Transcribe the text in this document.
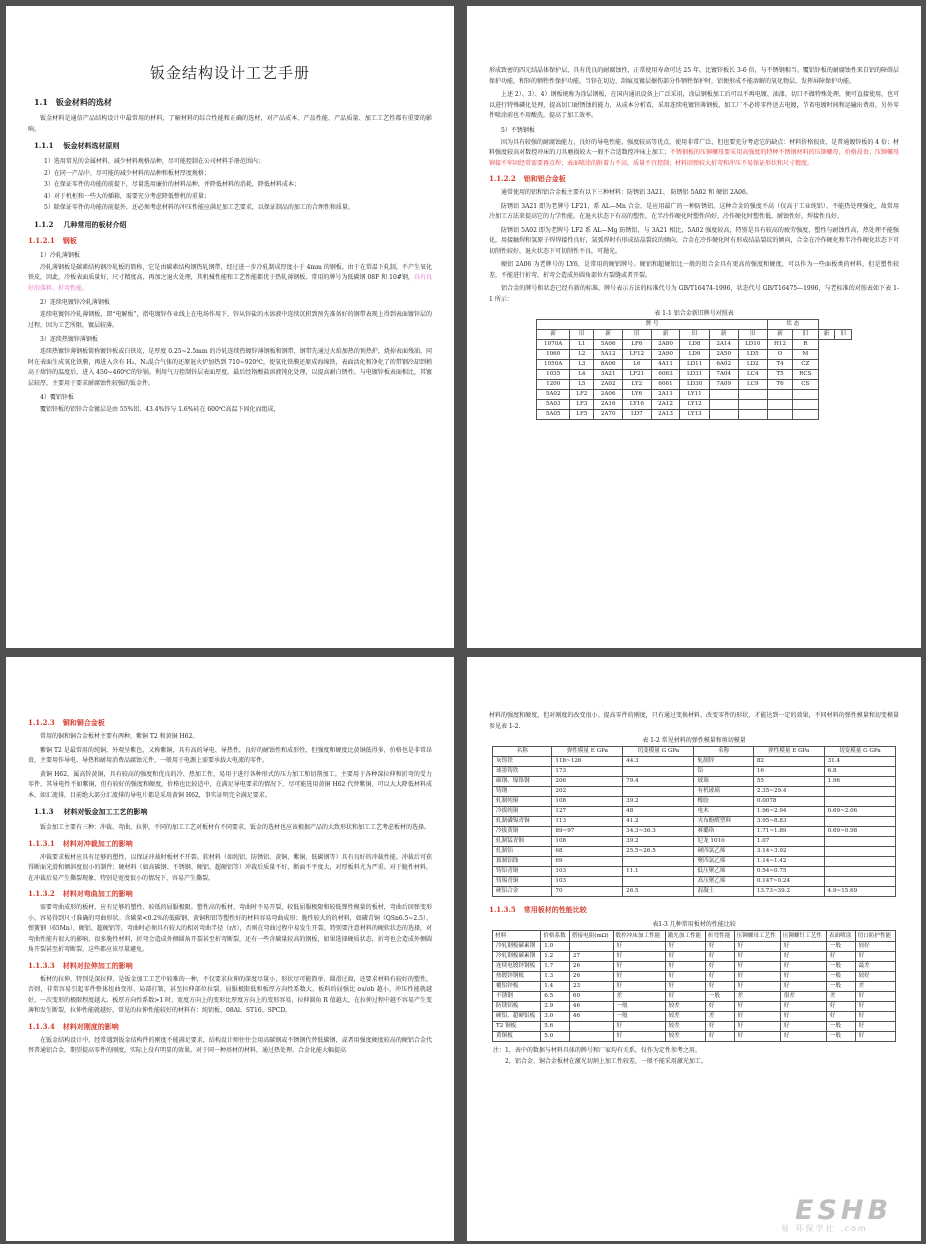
钣金结构设计工艺手册
1.1 钣金材料的选材
钣金材料是通信产品结构设计中最常用的材料，了解材料的综合性能和正确的选材，对产品成本、产品性能、产品质量、加工工艺性都有重要的影响。
1.1.1 钣金材料选材原则
1）选用常见的金属材料，减少材料规格品种，尽可能控制在公司材料手册范围内；
2）在同一产品中，尽可能的减少材料的品种和板材厚度规格；
3）在保证零件的功能的前提下，尽量选用廉价的材料品种，并降低材料的消耗，降低材料成本；
4）对于机柜和一些大的插箱，需要充分考虑降低整机的重量；
5）除保证零件的功能的前提外，还必须考虑材料的冲压性能应满足加工艺要求，以保证制品的加工的合理性和质量。
1.1.2 几种常用的板材介绍
1.1.2.1 钢板
1）冷轧薄钢板
冷轧薄钢板是碳素结构钢冷轧板的简称，它是由碳素结构钢热轧钢带，经过进一步冷轧制成厚度小于 4mm 的钢板。由于在常温下轧制，不产生氧化铁皮，因此，冷板表面质量好，尺寸精度高，再加之退火处理，其机械性能和工艺性能都优于热轧薄钢板。常用的牌号为低碳钢 08F 和 10#钢，具有良好的落料、折弯性能。
2）连续电镀锌冷轧薄钢板
连续电镀锌冷轧薄钢板，即“电解板”，指电镀锌作业线上在电场作用下，锌从锌盐的水溶液中连续沉积到预先准备好的钢带表现上得到表面镀锌层的过程，因为工艺所限，镀层较薄。
3）连续热镀锌薄钢板
连续热镀锌薄钢板简称镀锌板或白铁皮，是厚度 0.25~2.5mm 的冷轧连续热镀锌薄钢板和钢带，钢带先通过火焰加热的预热炉，烧掉表面残油，同时在表面生成氧化铁膜，再进入含有 H₂、N₂混合气体的还原退火炉加热到 710~920℃，使氧化铁膜还原成海绵铁，表面活化和净化了的带钢冷却到稍高于熔锌的温度后，进入 450~460℃的锌锅，利用气刀控制锌层表面厚度。最后经铬酸盐溶液钝化处理，以提高耐白锈性。与电镀锌板表面相比，其镀层较厚，主要用于要求耐腐蚀性较强的钣金件。
4）覆铝锌板
覆铝锌板的铝锌合金镀层是由 55%铝、43.4%锌与 1.6%硅在 600℃高温下固化而组成，
形成致密的四元结晶体保护层，具有优良的耐腐蚀性，正常使用寿命可达 25 年，比镀锌板长 3-6 倍，与不锈钢相当。覆铝锌板的耐腐蚀性来自铝的障碍层保护功能，和锌的牺牲性保护功能。当锌在切边、刮痕及镀层擦伤部分作牺牲保护时，铝便形成不能溶解的氧化物层，发挥屏障保护功能。
上述 2）、3）、4）钢板统称为涂层钢板，在国内通讯设备上广泛采用，涂层钢板加工后可以不再电镀、油漆，切口不做特殊处理，便可直接使用，也可以进行特殊磷化处理，提高切口耐锈蚀的能力，从成本分析看，采用连续电镀锌薄钢板，加工厂不必将零件送去电镀，节省电镀时间和运输出费用，另外零件喷涂前也不用酸洗，提高了加工效率。
5）不锈钢板
因为具有较强的耐腐蚀能力、良好的导电性能、强度较高等优点，使用非常广泛，但也要充分考虑它的缺点：材料价格很贵，是普通镀锌板的 4 倍；材料强度较高对数控冲床的刀具磨损较大一般不合适数控冲床上加工；不锈钢板的压铆螺母要采用高强度的特种不锈钢材料的压铆螺母，价格昂贵；压铆螺母铆接不牢固经常需要再点焊；表面喷涂的附着力不高，质量不宜控制；材料回弹较大折弯和冲压不易保证形状和尺寸精度。
1.1.2.2 铝和铝合金板
通常使用的铝和铝合金板主要有以下三种材料：防锈铝 3A21、 防锈铝 5A02 和 硬铝 2A06。
防锈铝 3A21 即为老牌号 LF21，系 AL—Mn 合金，是应用最广的一种防锈铝。这种合金的强度不高（仅高于工业纯铝），不能热处理强化，故常用冷加工方法来提高它的力学性能，在退火状态下有高的塑性，在半冷作硬化时塑性尚好，冷作硬化时塑性低，耐蚀性好，焊接性良好。
防锈铝 5A02 即为老牌号 LF2 系 AL—Mg 防锈铝，与 3A21 相比，5A02 强度较高，特别是具有较高的疲劳强度，塑性与耐蚀性高，热处理不能强化，用接触焊和氢原子焊焊接性良好，氩弧焊时有形成结晶裂纹的倾向，合金在冷作硬化时有形成结晶裂纹的倾向，合金在冷作硬化和半冷作硬化状态下可切削性较好，退火状态下可切削性不良，可抛光。
硬铝 2A06 为老牌号的 LY6，是常用的硬铝牌号。硬铝和超硬铝比一般的铝合金具有更高的强度和硬度，可以作为一些面板类的材料，但是塑性较差，不能进行折弯，折弯会造成外圆角部位有裂缝或者开裂。
铝合金的牌号和状态已经有新的标准，牌号表示方法的标准代号为 GB/T16474-1996，状态代号 GB/T16475—1996，与老标准的对照表如下表 1-1 所示：
表 1-1 铝合金新旧牌号对照表
牌 号								状 态			
新	旧	新	旧	新	旧	新	旧	新	旧	新	旧
1070A	L1	5A06	LF6	2A80	LD8	2A14	LD10	H12	R		
1060	L2	5A12	LF12	2A90	LD9	2A50	LD5	O	M		
1050A	L3	8A06	L6	4A11	LD11	6A02	LD2	T4	CZ		
1035	L4	3A21	LF21	6063	LD31	7A04	LC4	T5	RCS		
1200	L5	2A02	LY2	6061	LD30	7A09	LC9	T6	CS		
5A02	LF2	2A06	LY6	2A11	LY11						
5A03	LF3	2A16	LY16	2A12	LY12						
5A05	LF5	2A70	LD7	2A13	LY13						
1.1.2.3 铜和铜合金板
常用的铜和铜合金板材主要有两种，紫铜 T2 和黄铜 H62。
紫铜 T2 是最常用的纯铜，外观呈紫色，又称紫铜，具有高的导电、导热性，良好的耐蚀性和成形性，但强度和硬度比黄铜低得多，价格也是非常昂贵，主要用作导电、导热和耐用消费品腐蚀元件，一般用于电源上需要承载大电流的零件。
黄铜 H62，属高锌黄铜，具有较高的强度和优良的冷、热加工性，易用于进行各种形式的压力加工和切削加工。主要用于各种深拉伸和折弯的受力零件，其导电性不如紫铜，但有较好的强度和硬度，价格也比较适中，在满足导电要求的情况下，尽可能选用黄铜 H62 代替紫铜，可以大大降低材料成本，如汇流排，目前绝大部分汇流排的导电片都是采用黄铜 H62，事实证明完全满足要求。
1.1.3 材料对钣金加工工艺的影响
钣金加工主要有三种：冲裁、弯曲、拉伸，不同的加工工艺对板材有不同要求，钣金的选材也应该根据产品的大致形状和加工工艺考虑板材的选择。
1.1.3.1 材料对冲裁加工的影响
冲裁要求板材应具有足够的塑性，以保证冲裁时板材不开裂。软材料（如纯铝、防锈铝、黄铜、紫铜、低碳钢等）具有良好的冲裁性能，冲裁后可获得断面光滑和倾斜度很小的制件；硬材料（如高碳钢、不锈钢、硬铝、超硬铝等）冲裁后质量不好，断面不平度大，对厚板料尤为严重。对于脆性材料，在冲裁后易产生撕裂现象，特别是宽度很小的情况下，容易产生撕裂。
1.1.3.2 材料对弯曲加工的影响
需要弯曲成形的板材，应有足够的塑性、较低的屈服极限。塑性高的板材，弯曲时不易开裂，较低屈服极限和较低弹性模量的板材，弯曲后回弹变形小，容易得到尺寸准确的弯曲形状。含碳量<0.2%的低碳钢、黄铜和铝等塑性好的材料容易弯曲成形；脆性较大的的材料，如磷青铜（QSn6.5~2.5）、弹簧钢（65Mn）、硬铝、超硬铝等，弯曲时必须具有较大的相对弯曲半径（r/t），否则在弯曲过程中易发生开裂。特别要注意材料的硬软状态的选择，对弯曲性能有很大的影响，很多脆性材料，折弯会造成外侧圆角开裂甚至折弯断裂，还有一些含碳量较高的钢板，如果选择硬质状态，折弯也会造成外侧圆角开裂甚至折弯断裂，这些都应该尽量避免。
1.1.3.3 材料对拉伸加工的影响
板材的拉伸，特别是深拉伸，是钣金加工工艺中较难的一种，不仅要求拉伸的深度尽量小，形状尽可能简单、圆滑过渡，还要求材料有较好的塑性，否则，非常容易引起零件整体扭曲变形、局部打皱，甚至拉伸部位拉裂。屈服极限低和板厚方向性系数大，板料的屈强比 σs/σb 越小，冲压性能就越好，一次变形的极限程度越大。板厚方向性系数>1 时，宽度方向上的变形比厚度方向上的变形容易，拉伸圆角 R 值越大，在拉伸过程中越不容易产生变薄和发生断裂，拉伸性能就越好。常见的拉伸性能较好的材料有：纯铝板、08Al、ST16、SPCD。
1.1.3.4 材料对刚度的影响
在钣金结构设计中，经常遇到钣金结构件的刚度不能满足要求，结构设计师往往会用高碳钢或不锈钢代替低碳钢，或者用强度硬度较高的硬铝合金代替普通铝合金，期望提高零件的刚度，实际上没有明显的效果。对于同一种基材的材料，通过热处理、合金化能大幅提高
材料的强度和硬度，但对刚度的改变很小。提高零件的刚度，只有通过变换材料、改变零件的形状，才能达到一定的效果，不同材料的弹性模量和切变模量参见表 1-2.
表 1-2 常见材料的弹性模量和剪切模量
名称	弹性模量 E GPa	切变模量 G GPa	名称	弹性模量 E GPa	切变模量 G GPa
灰铸铁	118~126	44.3	轧制锌	82	31.4
球墨铸铁	173		铅	16	6.8
碳钢、镍铬钢	206	79.4	玻璃	55	1.96
铸钢	202		有机玻璃	2.35~29.4	
轧制纯铜	108	39.2	橡胶	0.0078	
冷拔纯铜	127	48	电木	1.96~2.94	0.69~2.06
轧制磷锡青铜	113	41.2	夹布酚醛塑料	3.95~8.83	
冷拔黄铜	89~97	34.3~36.3	赛璐珞	1.71~1.89	0.69~0.98
轧制锰青铜	108	39.2	尼龙 1010	1.07	
轧制铝	68	25.5~26.5	硬四氯乙烯	3.14~3.92	
拔制铝线	69		聚四氯乙烯	1.14~1.42	
铸铝青铜	103	11.1	低压聚乙烯	0.54~0.75	
铸锡青铜	103		高压聚乙烯	0.147~0.24	
硬铝合金	70	26.5	混凝土	13.73~39.2	4.9~15.69
1.1.3.5 常用板材的性能比较
表1-3 几种常用板材的性能比较
材料	价格系数	搭接电阻(mΩ)	数控冲床加工性能	激光加工性能	折弯性能	压铆螺母工艺性	压铆螺钉工艺性	表面喷涂	切口防护性能
冷轧钢板碳素钢	1.0		好	好	好	好	好	一般	较好
冷轧钢板碳素钢	1.2	27	好	好	好	好	好	好	好
连续电镀锌钢板	1.7	26	好	好	好	好	好	一般	最差
热镀锌钢板	1.3	26	好	好	好	好	好	一般	较好
覆铝锌板	1.4	23	好	好	好	好	好	一般	差
不锈钢	6.5	60	差	好	一般	差	很差	差	好
防锈铝板	2.9	46	一般	较差	好	好	好	好	好
硬铝、超硬铝板	3.0	46	一般	较差	差	好	好	好	好
T2 铜板	5.6		好	较差	好	好	好	一般	好
黄铜板	5.0		好	较差	好	好	好	一般	好
注：1，表中的数据与材料具体的牌号和厂家均有关系，仅作为定性参考之用。
2，铝合金、铜合金板材在激光切割上加工性较差，一般不能采用激光加工。
ESHB
易 环保学社 .com
